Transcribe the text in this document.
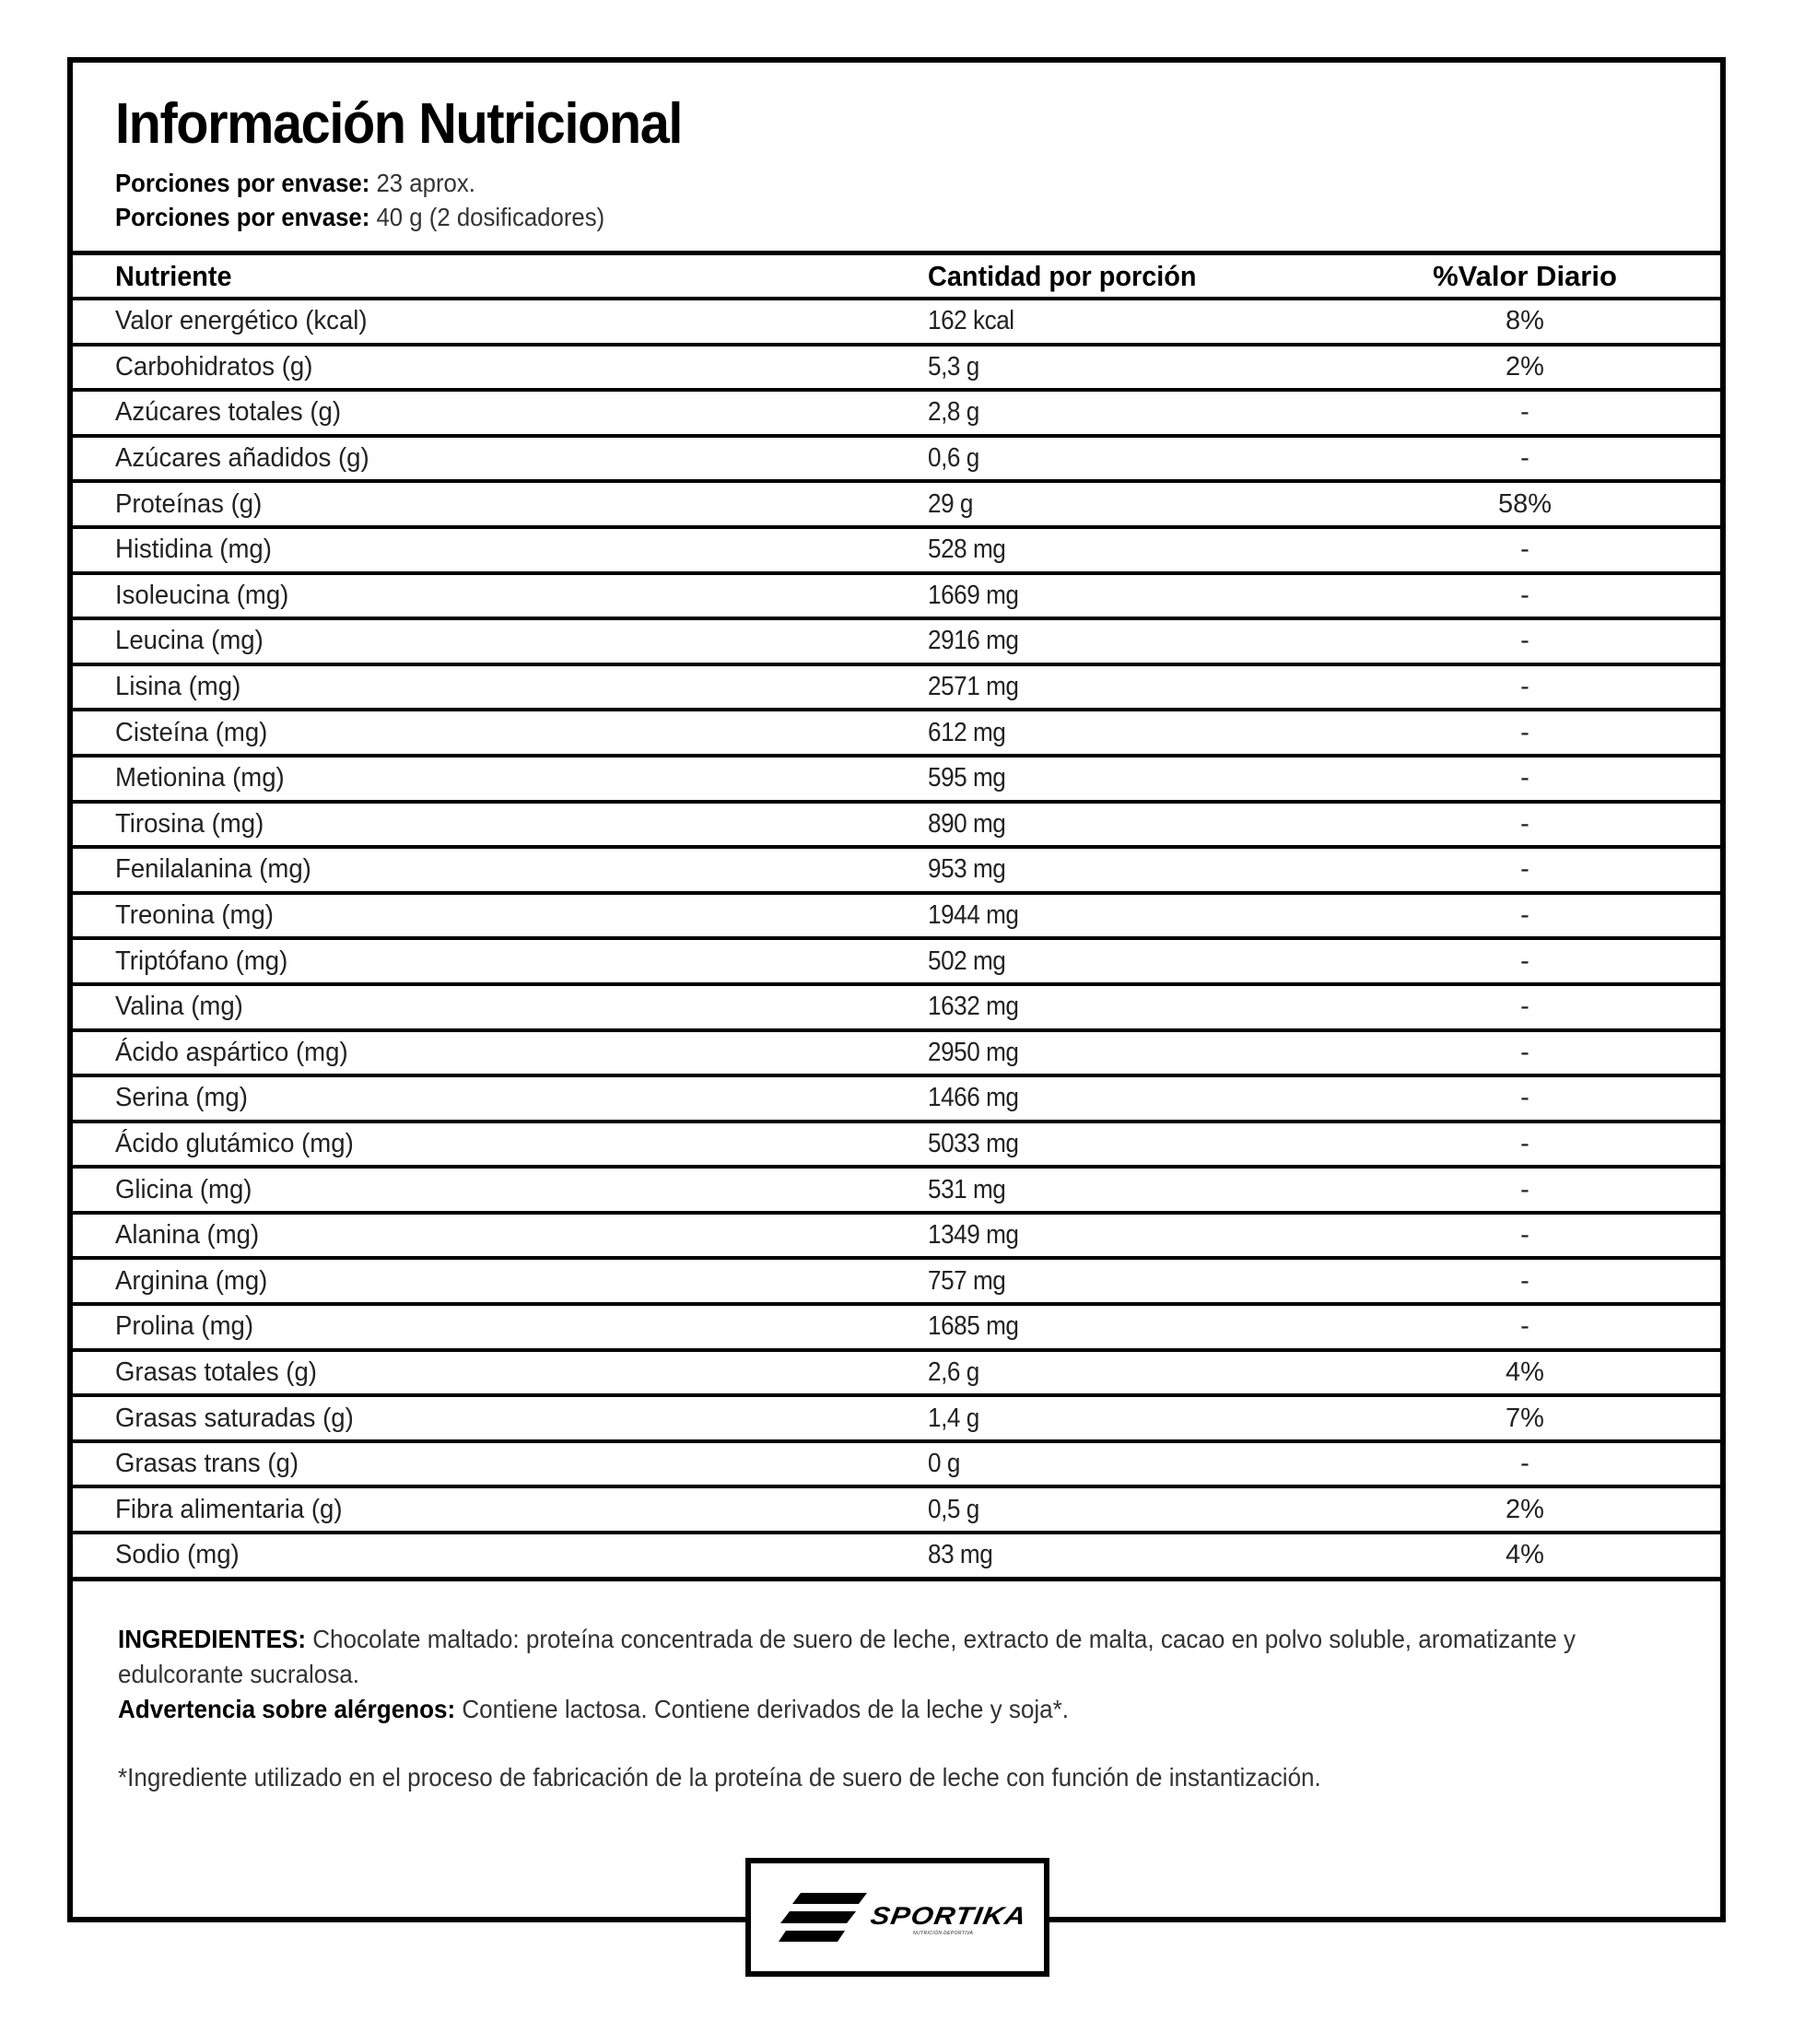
Información Nutricional
Porciones por envase: 23 aprox.
Porciones por envase: 40 g (2 dosificadores)
Nutriente	Cantidad por porción	%Valor Diario
Valor energético (kcal)	162 kcal	8%
Carbohidratos (g)	5,3 g	2%
Azúcares totales (g)	2,8 g	-
Azúcares añadidos (g)	0,6 g	-
Proteínas (g)	29 g	58%
Histidina (mg)	528 mg	-
Isoleucina (mg)	1669 mg	-
Leucina (mg)	2916 mg	-
Lisina (mg)	2571 mg	-
Cisteína (mg)	612 mg	-
Metionina (mg)	595 mg	-
Tirosina (mg)	890 mg	-
Fenilalanina (mg)	953 mg	-
Treonina (mg)	1944 mg	-
Triptófano (mg)	502 mg	-
Valina (mg)	1632 mg	-
Ácido aspártico (mg)	2950 mg	-
Serina (mg)	1466 mg	-
Ácido glutámico (mg)	5033 mg	-
Glicina (mg)	531 mg	-
Alanina (mg)	1349 mg	-
Arginina (mg)	757 mg	-
Prolina (mg)	1685 mg	-
Grasas totales (g)	2,6 g	4%
Grasas saturadas (g)	1,4 g	7%
Grasas trans (g)	0 g	-
Fibra alimentaria (g)	0,5 g	2%
Sodio (mg)	83 mg	4%

INGREDIENTES: Chocolate maltado: proteína concentrada de suero de leche, extracto de malta, cacao en polvo soluble, aromatizante y edulcorante sucralosa.

Advertencia sobre alérgenos: Contiene lactosa. Contiene derivados de la leche y soja*.

*Ingrediente utilizado en el proceso de fabricación de la proteína de suero de leche con función de instantización.

SPORTIKA
NUTRICIÓN DEPORTIVA
